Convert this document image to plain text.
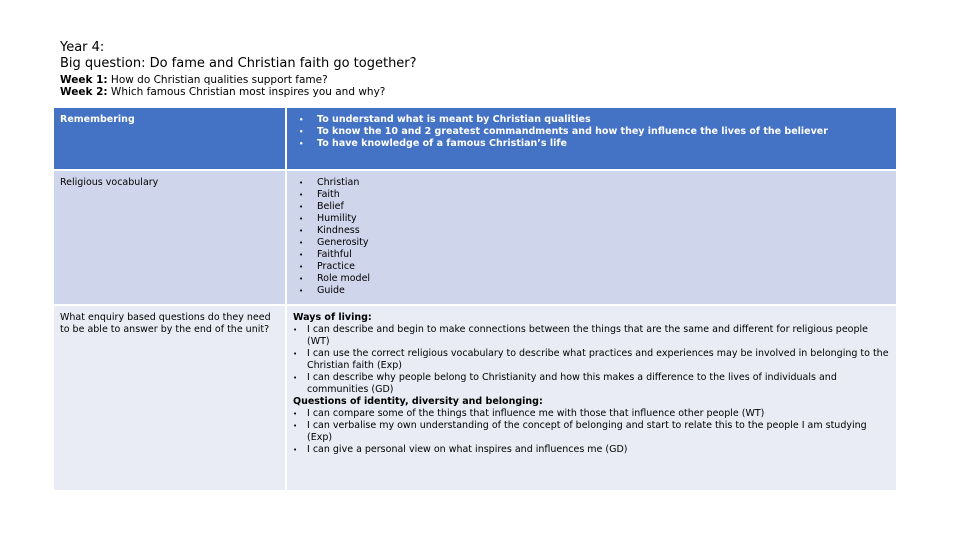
Year 4:

Big question: Do fame and Christian faith go together?

Week 1: How do Christian qualities support fame?

Week 2: Which famous Christian most inspires you and why?

Remembering	• To understand what is meant by Christian qualities
• To know the 10 and 2 greatest commandments and how they influence the lives of the believer
• To have knowledge of a famous Christian’s life
Religious vocabulary	• Christian
• Faith
• Belief
• Humility
• Kindness
• Generosity
• Faithful
• Practice
• Role model
• Guide
What enquiry based questions do they need to be able to answer by the end of the unit?
Ways of living:
• I can describe and begin to make connections between the things that are the same and different for religious people (WT)
• I can use the correct religious vocabulary to describe what practices and experiences may be involved in belonging to the Christian faith (Exp)
• I can describe why people belong to Christianity and how this makes a difference to the lives of individuals and communities (GD)
Questions of identity, diversity and belonging:
• I can compare some of the things that influence me with those that influence other people (WT)
• I can verbalise my own understanding of the concept of belonging and start to relate this to the people I am studying (Exp)
• I can give a personal view on what inspires and influences me (GD)
